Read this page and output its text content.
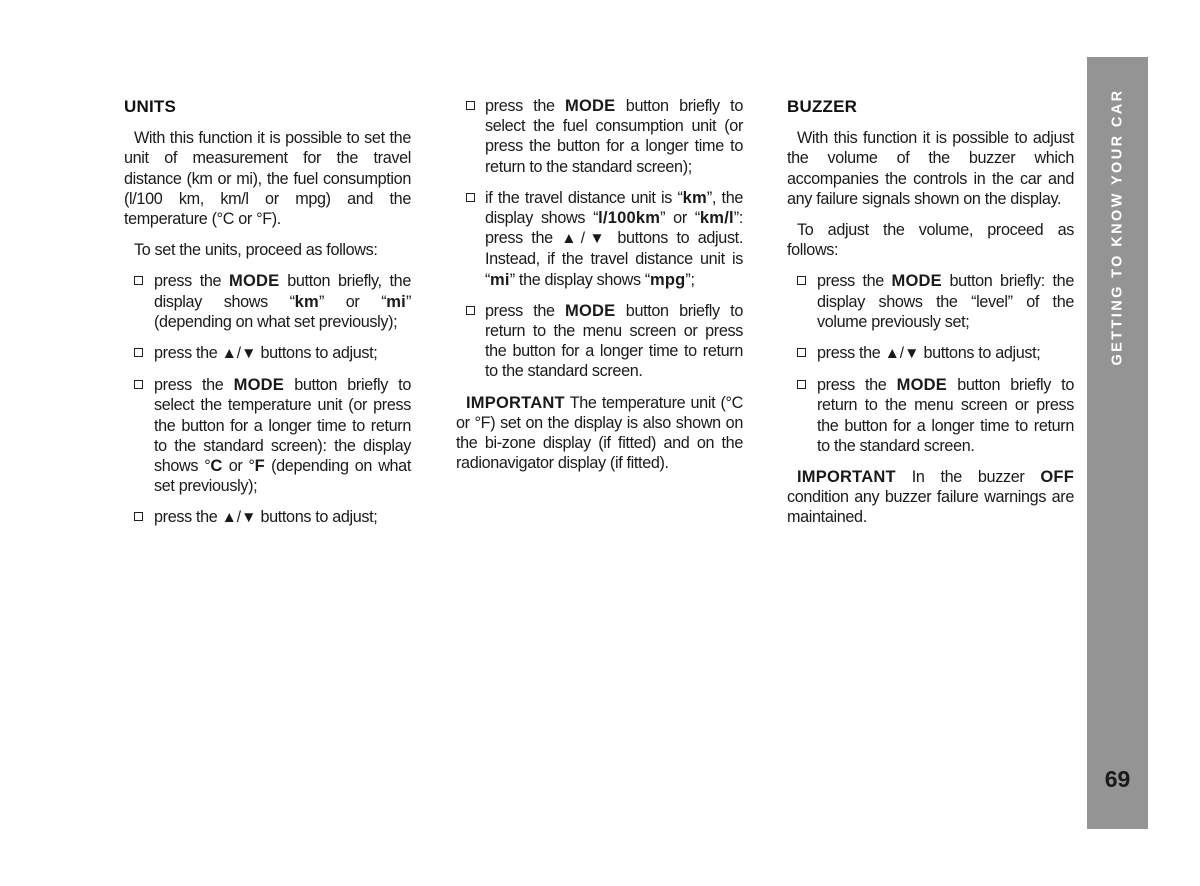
UNITS

With this function it is possible to set the unit of measurement for the travel distance (km or mi), the fuel consumption (l/100 km, km/l or mpg) and the temperature (°C or °F).

To set the units, proceed as follows:

press the MODE button briefly, the display shows “km” or “mi” (depending on what set previously);
press the ▲/▼ buttons to adjust;
press the MODE button briefly to select the temperature unit (or press the button for a longer time to return to the standard screen): the display shows °C or °F (depending on what set previously);
press the ▲/▼ buttons to adjust;
press the MODE button briefly to select the fuel consumption unit (or press the button for a longer time to return to the standard screen);
if the travel distance unit is “km”, the display shows “l/100km” or “km/l”: press the ▲/▼ buttons to adjust. Instead, if the travel distance unit is “mi” the display shows “mpg”;
press the MODE button briefly to return to the menu screen or press the button for a longer time to return to the standard screen.

IMPORTANT The temperature unit (°C or °F) set on the display is also shown on the bi-zone display (if fitted) and on the radionavigator display (if fitted).

BUZZER

With this function it is possible to adjust the volume of the buzzer which accompanies the controls in the car and any failure signals shown on the display.

To adjust the volume, proceed as follows:

press the MODE button briefly: the display shows the “level” of the volume previously set;
press the ▲/▼ buttons to adjust;
press the MODE button briefly to return to the menu screen or press the button for a longer time to return to the standard screen.

IMPORTANT In the buzzer OFF condition any buzzer failure warnings are maintained.

GETTING TO KNOW YOUR CAR
69
